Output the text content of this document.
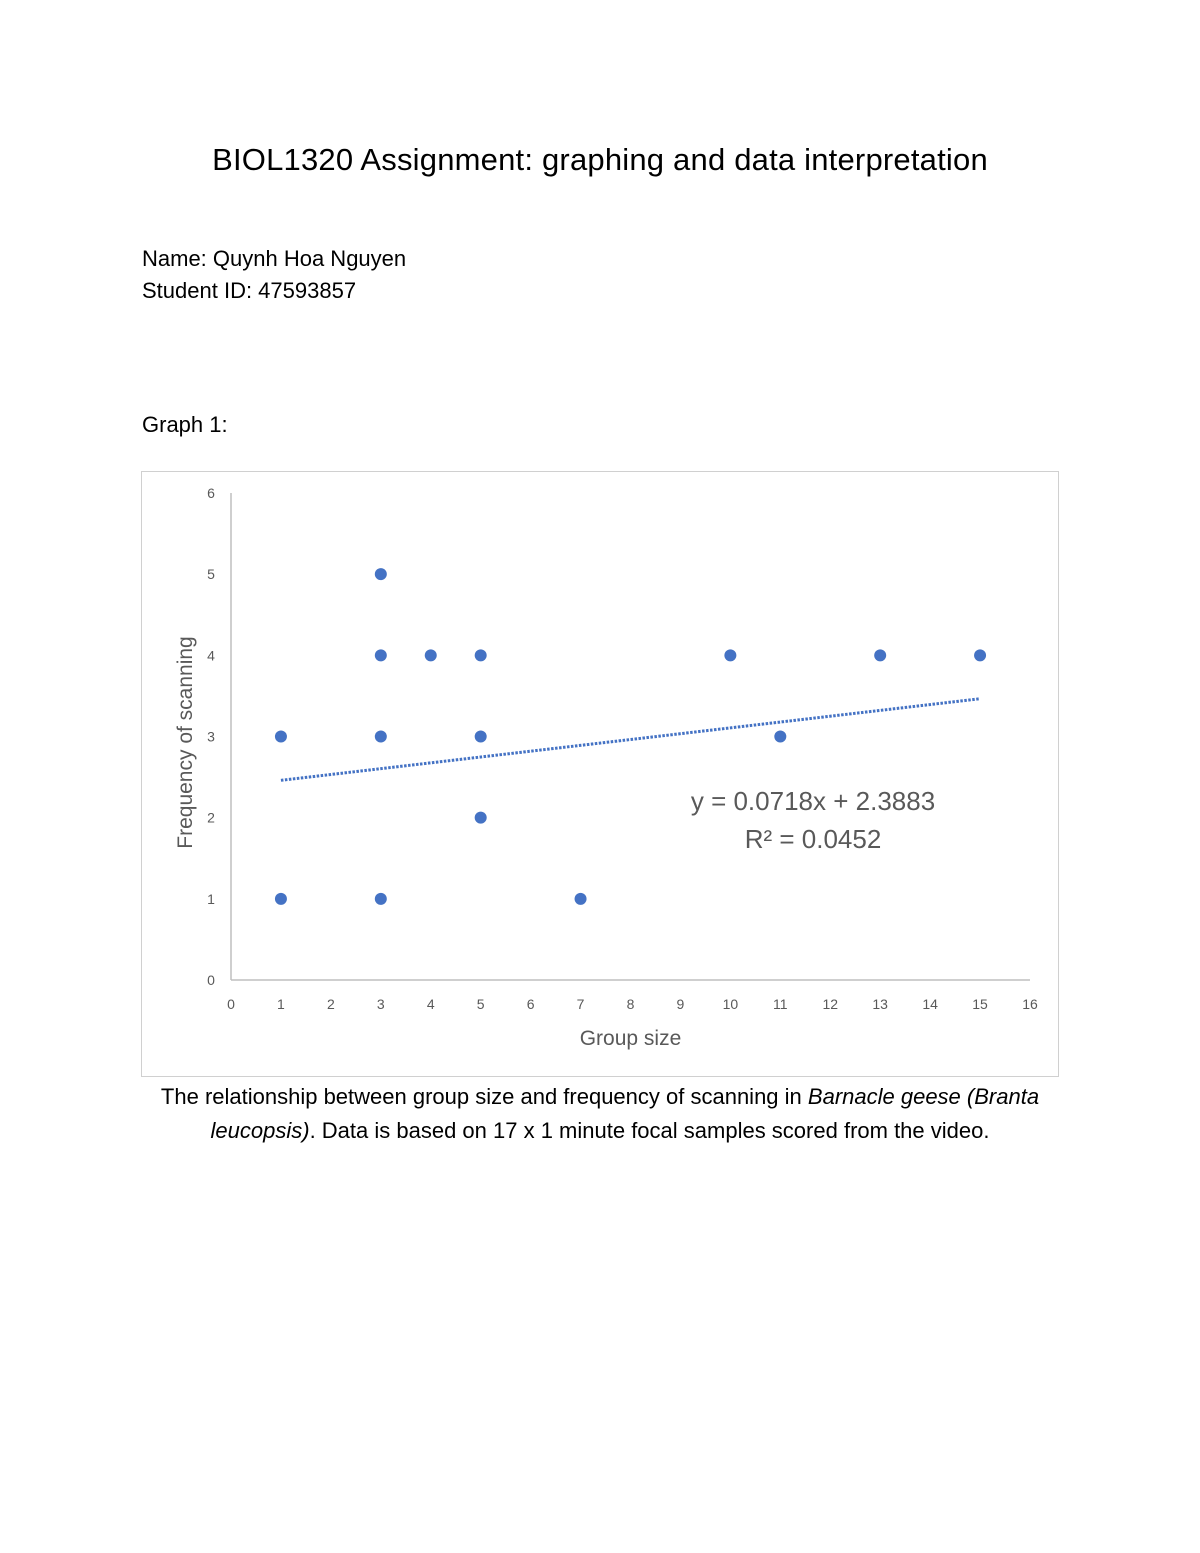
BIOL1320 Assignment: graphing and data interpretation
Name: Quynh Hoa Nguyen
Student ID: 47593857
Graph 1:
0
1
2
3
4
5
6
0	1	2	3	4	5	6	7	8	9	10 11 12 13 14 15 16
Group size
Frequency of scanning	y = 0.0718x + 2.3883
R² = 0.0452
The relationship between group size and frequency of scanning in Barnacle geese (Branta leucopsis). Data is based on 17 x 1 minute focal samples scored from the video.
